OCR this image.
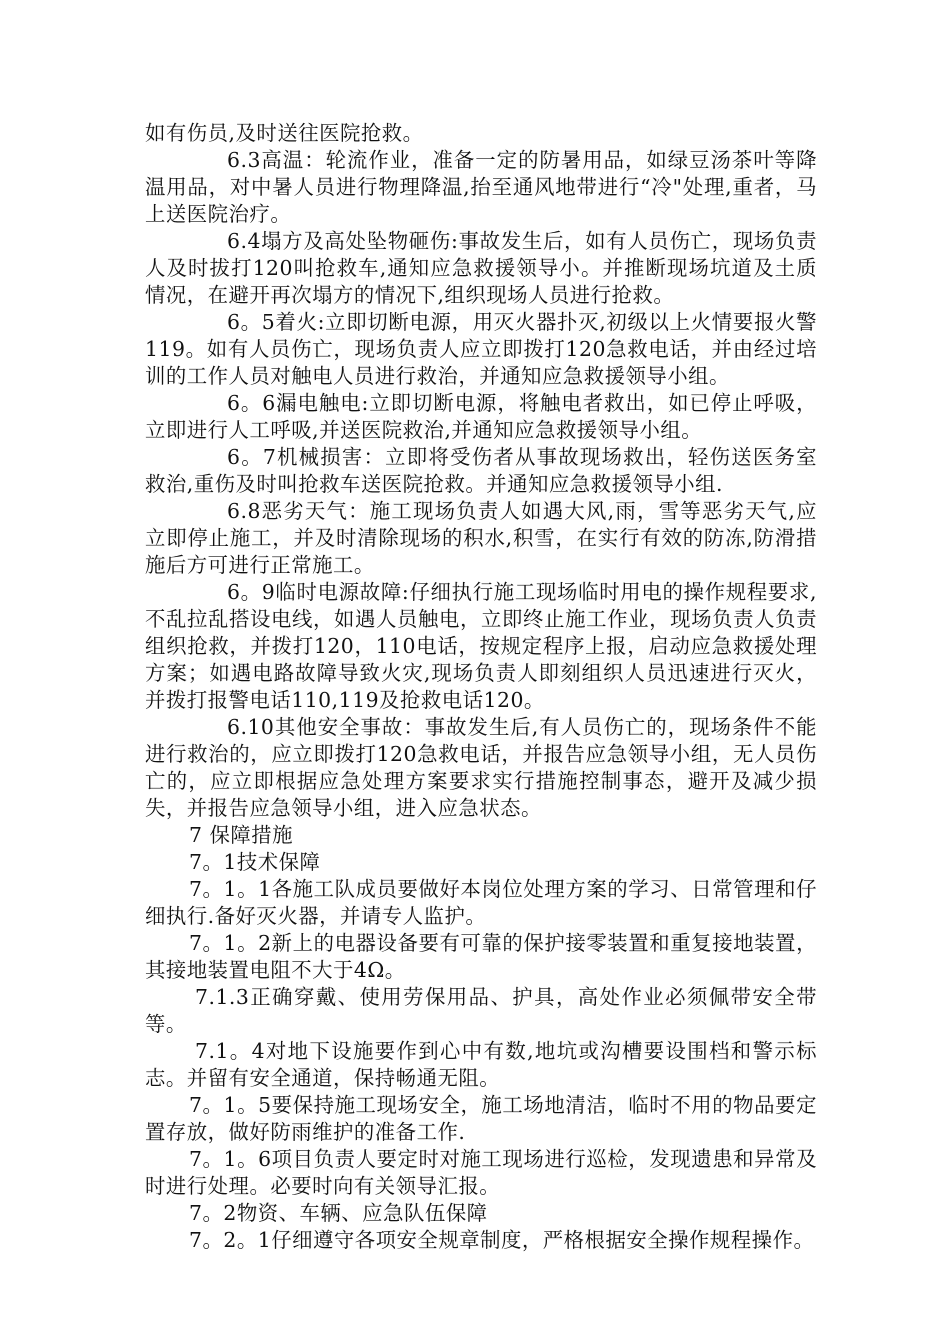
如有伤员,及时送往医院抢救。

6.3高温：轮流作业，准备一定的防暑用品，如绿豆汤茶叶等降温用品，对中暑人员进行物理降温,抬至通风地带进行“冷"处理,重者，马上送医院治疗。

6.4塌方及高处坠物砸伤:事故发生后，如有人员伤亡，现场负责人及时拔打120叫抢救车,通知应急救援领导小。并推断现场坑道及土质情况，在避开再次塌方的情况下,组织现场人员进行抢救。

6。5着火:立即切断电源，用灭火器扑灭,初级以上火情要报火警119。如有人员伤亡，现场负责人应立即拨打120急救电话，并由经过培训的工作人员对触电人员进行救治，并通知应急救援领导小组。

6。6漏电触电:立即切断电源，将触电者救出，如已停止呼吸，立即进行人工呼吸,并送医院救治,并通知应急救援领导小组。

6。7机械损害：立即将受伤者从事故现场救出，轻伤送医务室救治,重伤及时叫抢救车送医院抢救。并通知应急救援领导小组.

6.8恶劣天气：施工现场负责人如遇大风,雨，雪等恶劣天气,应立即停止施工，并及时清除现场的积水,积雪，在实行有效的防冻,防滑措施后方可进行正常施工。

6。9临时电源故障:仔细执行施工现场临时用电的操作规程要求,不乱拉乱搭设电线，如遇人员触电，立即终止施工作业，现场负责人负责组织抢救，并拨打120，110电话，按规定程序上报，启动应急救援处理方案；如遇电路故障导致火灾,现场负责人即刻组织人员迅速进行灭火，并拨打报警电话110,119及抢救电话120。

6.10其他安全事故：事故发生后,有人员伤亡的，现场条件不能进行救治的，应立即拨打120急救电话，并报告应急领导小组，无人员伤亡的，应立即根据应急处理方案要求实行措施控制事态，避开及减少损失，并报告应急领导小组，进入应急状态。

7 保障措施

7。1技术保障

7。1。1各施工队成员要做好本岗位处理方案的学习、日常管理和仔细执行.备好灭火器，并请专人监护。

7。1。2新上的电器设备要有可靠的保护接零装置和重复接地装置，其接地装置电阻不大于4Ω。

7.1.3正确穿戴、使用劳保用品、护具，高处作业必须佩带安全带等。

7.1。4对地下设施要作到心中有数,地坑或沟槽要设围档和警示标志。并留有安全通道，保持畅通无阻。

7。1。5要保持施工现场安全，施工场地清洁，临时不用的物品要定置存放，做好防雨维护的准备工作.

7。1。6项目负责人要定时对施工现场进行巡检，发现遗患和异常及时进行处理。必要时向有关领导汇报。

7。2物资、车辆、应急队伍保障

7。2。1仔细遵守各项安全规章制度，严格根据安全操作规程操作。
